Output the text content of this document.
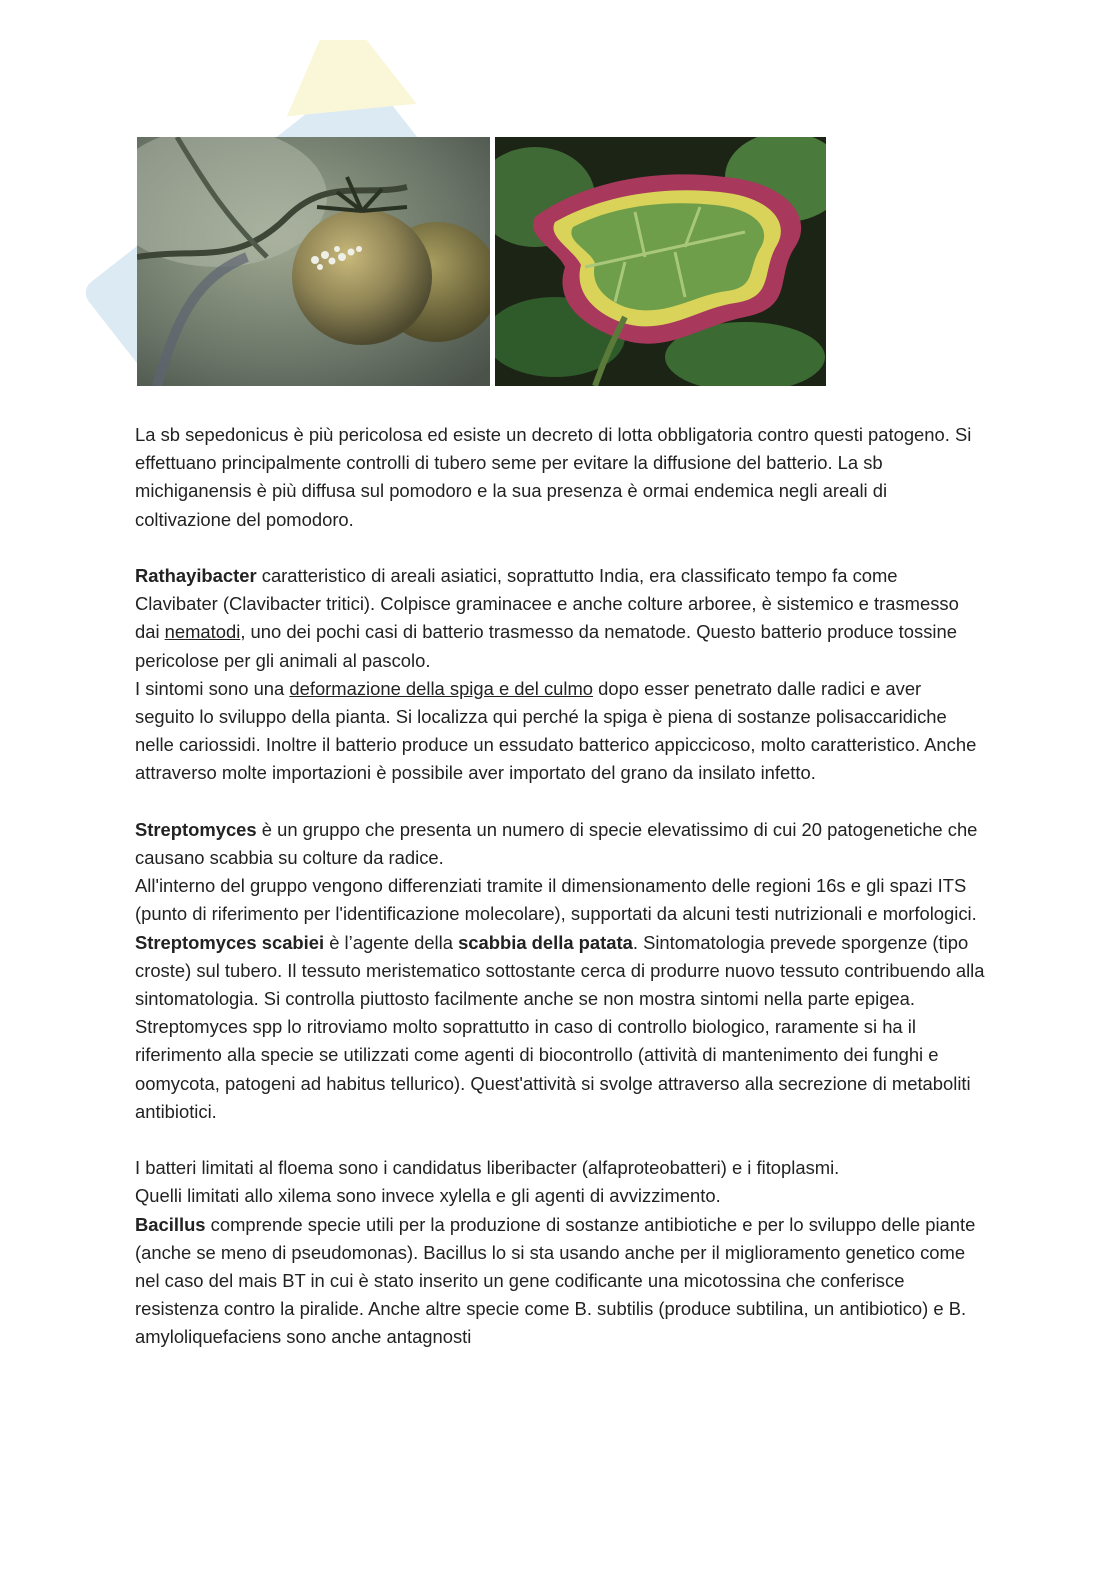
La sb sepedonicus è più pericolosa ed esiste un decreto di lotta obbligatoria contro questi patogeno. Si effettuano principalmente controlli di tubero seme per evitare la diffusione del batterio. La sb michiganensis è più diffusa sul pomodoro e la sua presenza è ormai endemica negli areali di coltivazione del pomodoro.

Rathayibacter caratteristico di areali asiatici, soprattutto India, era classificato tempo fa come Clavibater (Clavibacter tritici). Colpisce graminacee e anche colture arboree, è sistemico e trasmesso dai nematodi, uno dei pochi casi di batterio trasmesso da nematode. Questo batterio produce tossine pericolose per gli animali al pascolo.

I sintomi sono una deformazione della spiga e del culmo dopo esser penetrato dalle radici e aver seguito lo sviluppo della pianta. Si localizza qui perché la spiga è piena di sostanze polisaccaridiche nelle cariossidi. Inoltre il batterio produce un essudato batterico appiccicoso, molto caratteristico. Anche attraverso molte importazioni è possibile aver importato del grano da insilato infetto.

Streptomyces è un gruppo che presenta un numero di specie elevatissimo di cui 20 patogenetiche che causano scabbia su colture da radice.

All'interno del gruppo vengono differenziati tramite il dimensionamento delle regioni 16s e gli spazi ITS (punto di riferimento per l'identificazione molecolare), supportati da alcuni testi nutrizionali e morfologici.

Streptomyces scabiei è l’agente della scabbia della patata. Sintomatologia prevede sporgenze (tipo croste) sul tubero. Il tessuto meristematico sottostante cerca di produrre nuovo tessuto contribuendo alla sintomatologia. Si controlla piuttosto facilmente anche se non mostra sintomi nella parte epigea.

Streptomyces spp lo ritroviamo molto soprattutto in caso di controllo biologico, raramente si ha il riferimento alla specie se utilizzati come agenti di biocontrollo (attività di mantenimento dei funghi e oomycota, patogeni ad habitus tellurico). Quest'attività si svolge attraverso alla secrezione di metaboliti antibiotici.

I batteri limitati al floema sono i candidatus liberibacter (alfaproteobatteri) e i fitoplasmi.

Quelli limitati allo xilema sono invece xylella e gli agenti di avvizzimento.

Bacillus comprende specie utili per la produzione di sostanze antibiotiche e per lo sviluppo delle piante (anche se meno di pseudomonas). Bacillus lo si sta usando anche per il miglioramento genetico come nel caso del mais BT in cui è stato inserito un gene codificante una micotossina che conferisce resistenza contro la piralide. Anche altre specie come B. subtilis (produce subtilina, un antibiotico) e B. amyloliquefaciens sono anche antagnosti
